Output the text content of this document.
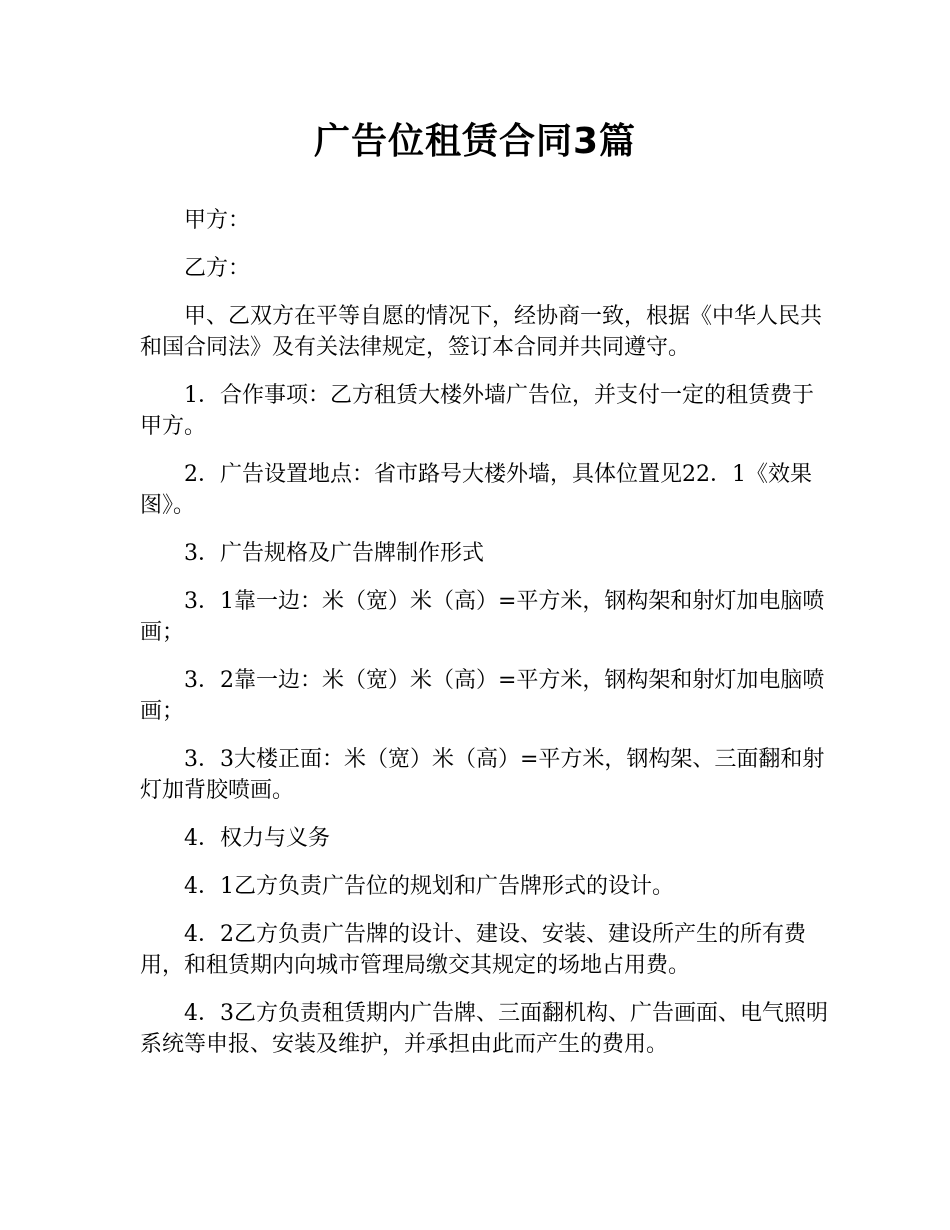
广告位租赁合同3篇

甲方：

乙方：

甲、乙双方在平等自愿的情况下，经协商一致，根据《中华人民共和国合同法》及有关法律规定，签订本合同并共同遵守。

1．合作事项：乙方租赁大楼外墙广告位，并支付一定的租赁费于甲方。

2．广告设置地点：省市路号大楼外墙，具体位置见22．1《效果图》。

3．广告规格及广告牌制作形式

3．1靠一边：米（宽）米（高）=平方米，钢构架和射灯加电脑喷画；

3．2靠一边：米（宽）米（高）=平方米，钢构架和射灯加电脑喷画；

3．3大楼正面：米（宽）米（高）=平方米，钢构架、三面翻和射灯加背胶喷画。

4．权力与义务

4．1乙方负责广告位的规划和广告牌形式的设计。

4．2乙方负责广告牌的设计、建设、安装、建设所产生的所有费用，和租赁期内向城市管理局缴交其规定的场地占用费。

4．3乙方负责租赁期内广告牌、三面翻机构、广告画面、电气照明系统等申报、安装及维护，并承担由此而产生的费用。
